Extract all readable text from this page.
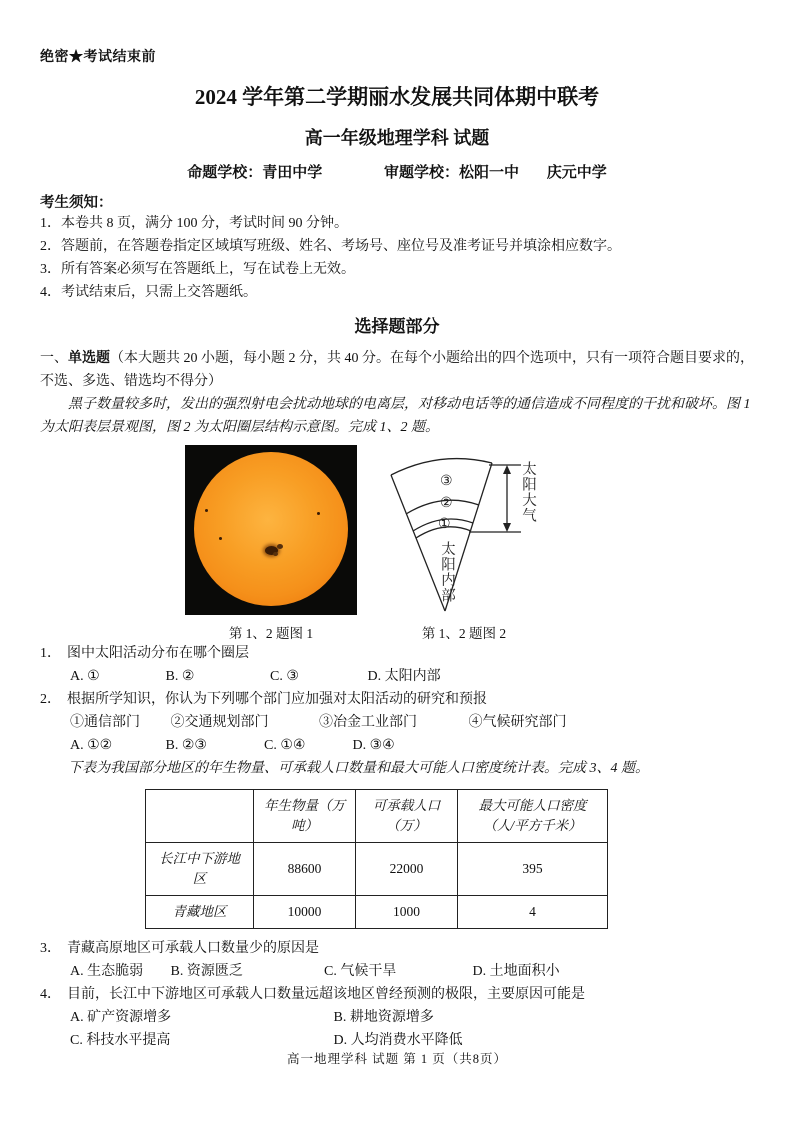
绝密★考试结束前
2024 学年第二学期丽水发展共同体期中联考
高一年级地理学科 试题
命题学校：青田中学	审题学校：松阳一中 庆元中学
考生须知：
1．本卷共 8 页，满分 100 分，考试时间 90 分钟。
2．答题前，在答题卷指定区域填写班级、姓名、考场号、座位号及准考证号并填涂相应数字。
3．所有答案必须写在答题纸上，写在试卷上无效。
4．考试结束后，只需上交答题纸。
选择题部分
一、单选题（本大题共 20 小题，每小题 2 分，共 40 分。在每个小题给出的四个选项中，只有一项符合题目要求的，不选、多选、错选均不得分）
黑子数量较多时，发出的强烈射电会扰动地球的电离层，对移动电话等的通信造成不同程度的干扰和破坏。图 1 为太阳表层景观图，图 2 为太阳圈层结构示意图。完成 1、2 题。
第 1、2 题图 1
③
②
①
太阳内部
太阳大气
第 1、2 题图 2
1． 图中太阳活动分布在哪个圈层
A. ①	B. ②	C. ③	D. 太阳内部
2． 根据所学知识，你认为下列哪个部门应加强对太阳活动的研究和预报
①通信部门 ②交通规划部门	③冶金工业部门	④气候研究部门
A. ①②	B. ②③	C. ①④	D. ③④
下表为我国部分地区的年生物量、可承载人口数量和最大可能人口密度统计表。完成 3、4 题。
	年生物量（万吨）	可承载人口（万）	最大可能人口密度（人/平方千米）
长江中下游地区	88600	22000	395
青藏地区	10000	1000	4
3． 青藏高原地区可承载人口数量少的原因是
A. 生态脆弱 B. 资源匮乏	C. 气候干旱	D. 土地面积小
4． 目前，长江中下游地区可承载人口数量远超该地区曾经预测的极限，主要原因可能是
A. 矿产资源增多	B. 耕地资源增多
C. 科技水平提高	D. 人均消费水平降低
高一地理学科 试题 第 1 页（共8页）
